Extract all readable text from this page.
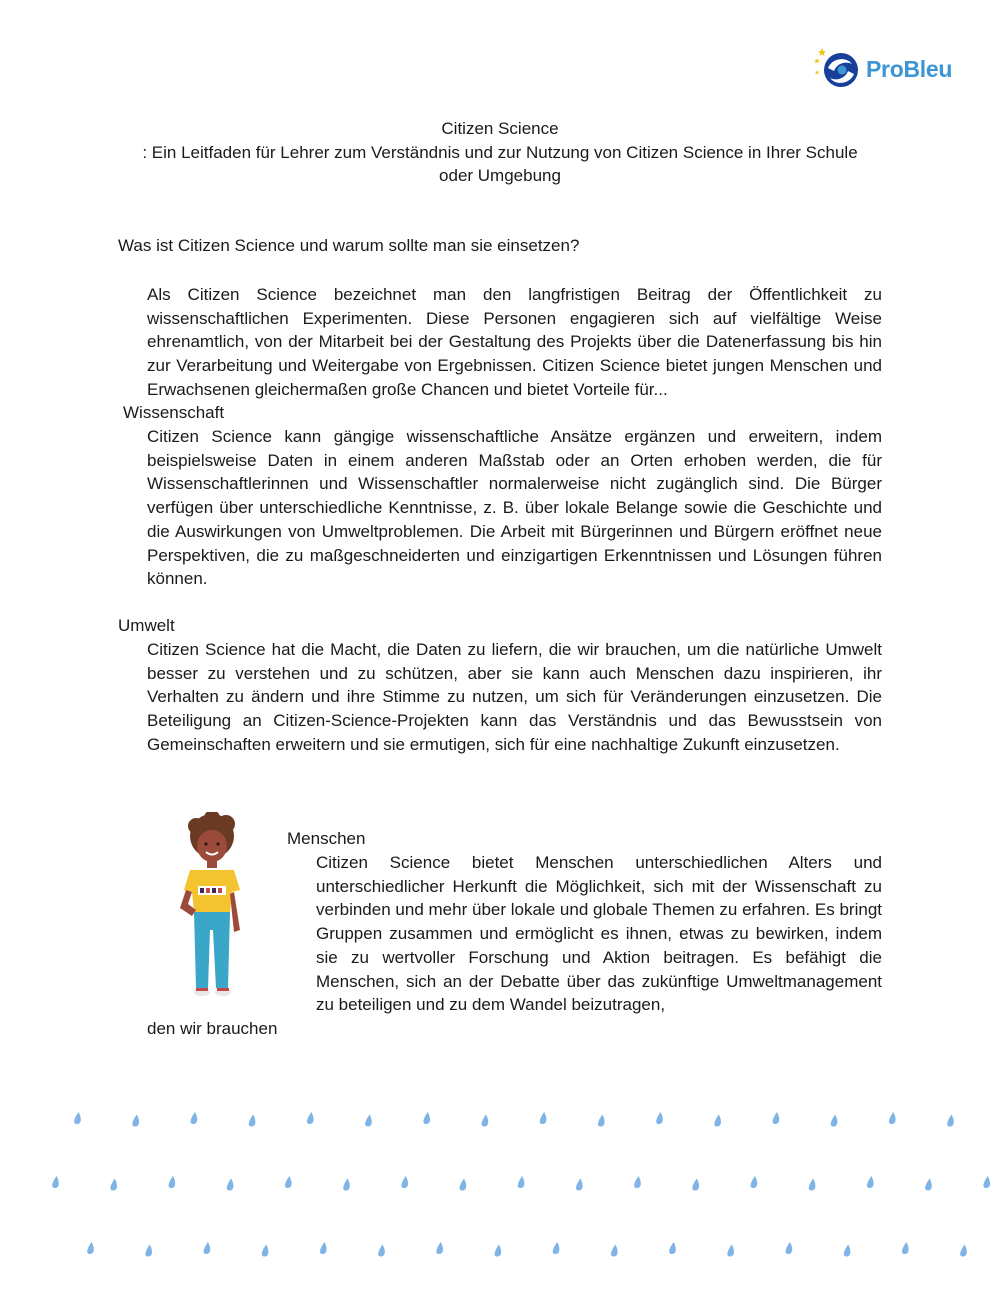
ProBleu
Citizen Science
: Ein Leitfaden für Lehrer zum Verständnis und zur Nutzung von Citizen Science in Ihrer Schule
oder Umgebung
Was ist Citizen Science und warum sollte man sie einsetzen?
Als Citizen Science bezeichnet man den langfristigen Beitrag der Öffentlichkeit zu wissenschaftlichen Experimenten. Diese Personen engagieren sich auf vielfältige Weise ehrenamtlich, von der Mitarbeit bei der Gestaltung des Projekts über die Datenerfassung bis hin zur Verarbeitung und Weitergabe von Ergebnissen. Citizen Science bietet jungen Menschen und Erwachsenen gleichermaßen große Chancen und bietet Vorteile für...
Wissenschaft
Citizen Science kann gängige wissenschaftliche Ansätze ergänzen und erweitern, indem beispielsweise Daten in einem anderen Maßstab oder an Orten erhoben werden, die für Wissenschaftlerinnen und Wissenschaftler normalerweise nicht zugänglich sind. Die Bürger verfügen über unterschiedliche Kenntnisse, z. B. über lokale Belange sowie die Geschichte und die Auswirkungen von Umweltproblemen. Die Arbeit mit Bürgerinnen und Bürgern eröffnet neue Perspektiven, die zu maßgeschneiderten und einzigartigen Erkenntnissen und Lösungen führen können.
Umwelt
Citizen Science hat die Macht, die Daten zu liefern, die wir brauchen, um die natürliche Umwelt besser zu verstehen und zu schützen, aber sie kann auch Menschen dazu inspirieren, ihr Verhalten zu ändern und ihre Stimme zu nutzen, um sich für Veränderungen einzusetzen. Die Beteiligung an Citizen-Science-Projekten kann das Verständnis und das Bewusstsein von Gemeinschaften erweitern und sie ermutigen, sich für eine nachhaltige Zukunft einzusetzen.
Menschen
Citizen Science bietet Menschen unterschiedlichen Alters und unterschiedlicher Herkunft die Möglichkeit, sich mit der Wissenschaft zu verbinden und mehr über lokale und globale Themen zu erfahren. Es bringt Gruppen zusammen und ermöglicht es ihnen, etwas zu bewirken, indem sie zu wertvoller Forschung und Aktion beitragen. Es befähigt die Menschen, sich an der Debatte über das zukünftige Umweltmanagement zu beteiligen und zu dem Wandel beizutragen,
den wir brauchen
